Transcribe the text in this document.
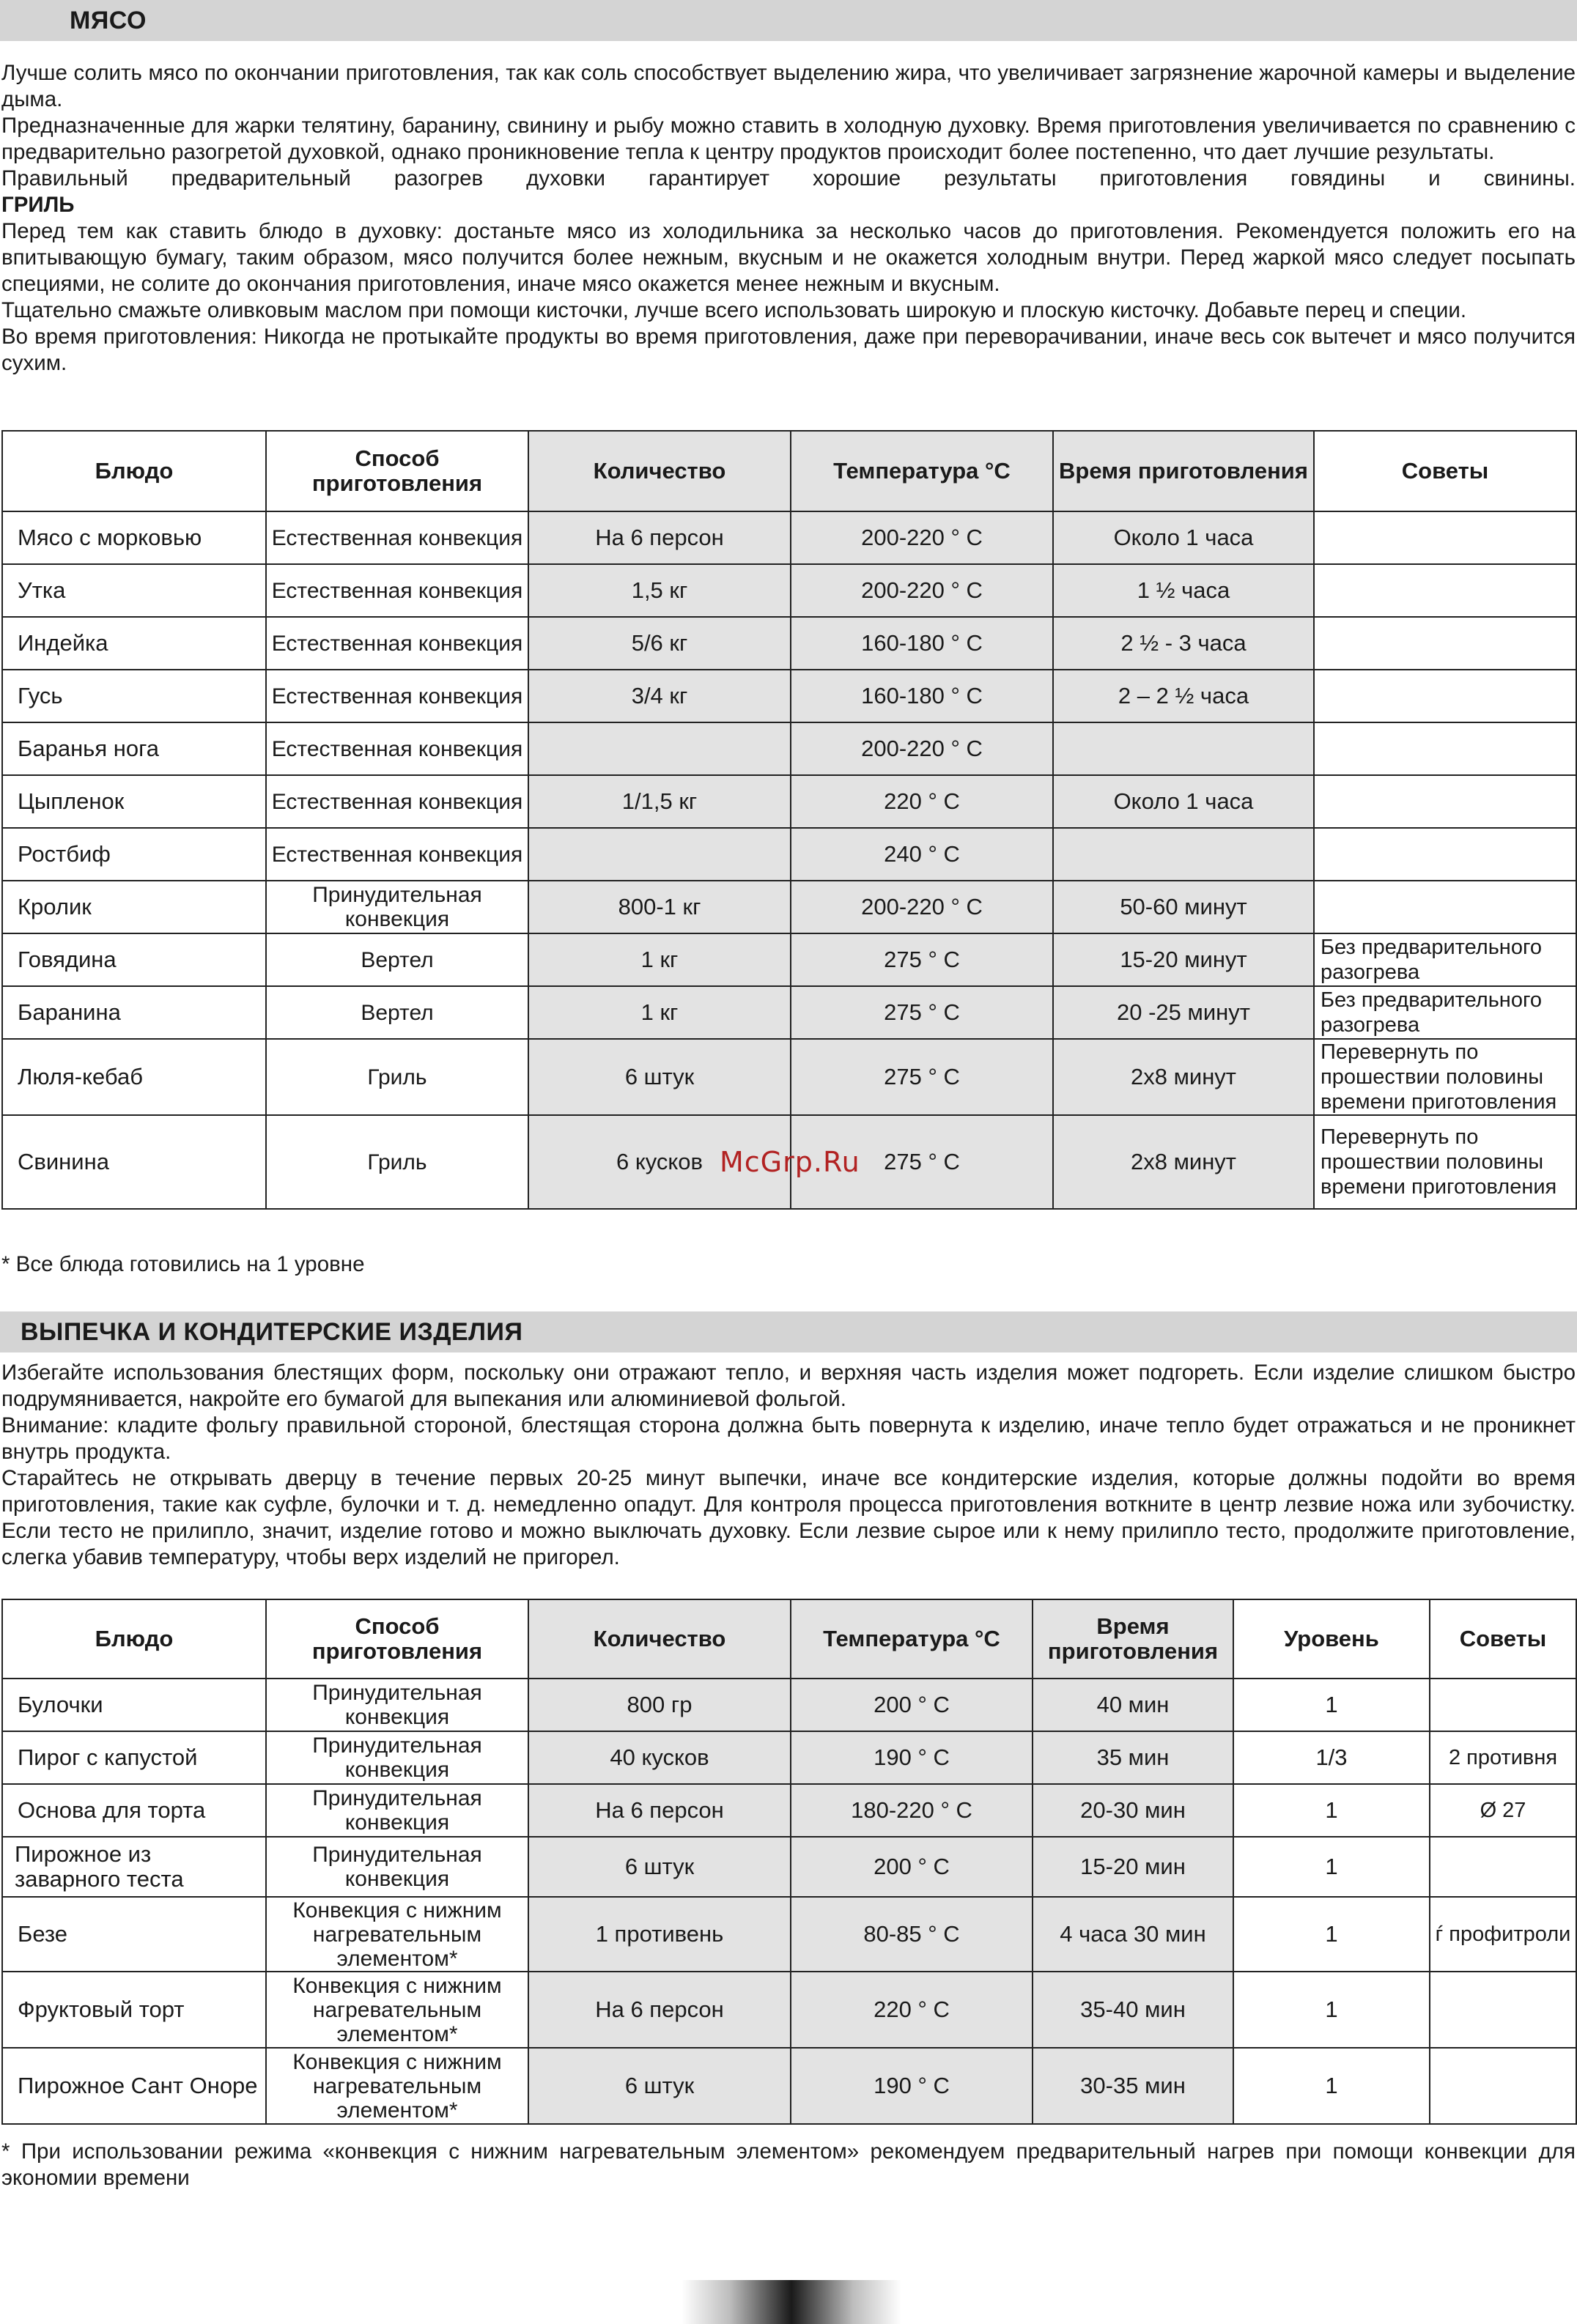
МЯСО

Лучше солить мясо по окончании приготовления, так как соль способствует выделению жира, что увеличивает загрязнение жарочной камеры и выделение дыма.

Предназначенные для жарки телятину, баранину, свинину и рыбу можно ставить в холодную духовку. Время приготовления увеличивается по сравнению с предварительно разогретой духовкой, однако проникновение тепла к центру продуктов происходит более постепенно, что дает лучшие результаты.

Правильный предварительный разогрев духовки гарантирует хорошие результаты приготовления говядины и свинины.

ГРИЛЬ

Перед тем как ставить блюдо в духовку: достаньте мясо из холодильника за несколько часов до приготовления. Рекомендуется положить его на впитывающую бумагу, таким образом, мясо получится более нежным, вкусным и не окажется холодным внутри. Перед жаркой мясо следует посыпать специями, не солите до окончания приготовления, иначе мясо окажется менее нежным и вкусным.

Тщательно смажьте оливковым маслом при помощи кисточки, лучше всего использовать широкую и плоскую кисточку. Добавьте перец и специи.

Во время приготовления: Никогда не протыкайте продукты во время приготовления, даже при переворачивании, иначе весь сок вытечет и мясо получится сухим.

Блюдо	Способ приготовления	Количество	Температура °C	Время приготовления	Советы
Мясо с морковью	Естественная конвекция	На 6 персон	200-220 ° C	Около 1 часа	
Утка	Естественная конвекция	1,5 кг	200-220 ° C	1 ½ часа	
Индейка	Естественная конвекция	5/6 кг	160-180 ° C	2 ½ - 3 часа	
Гусь	Естественная конвекция	3/4 кг	160-180 ° C	2 – 2 ½ часа	
Баранья нога	Естественная конвекция		200-220 ° C		
Цыпленок	Естественная конвекция	1/1,5 кг	220 ° C	Около 1 часа	
Ростбиф	Естественная конвекция		240 ° C		
Кролик	Принудительная конвекция	800-1 кг	200-220 ° C	50-60 минут	
Говядина	Вертел	1 кг	275 ° C	15-20 минут	Без предварительного разогрева
Баранина	Вертел	1 кг	275 ° C	20 -25 минут	Без предварительного разогрева
Люля-кебаб	Гриль	6 штук	275 ° C	2x8 минут	Перевернуть по прошествии половины времени приготовления
Свинина	Гриль	6 кусков	275 ° C	2x8 минут	Перевернуть по прошествии половины времени приготовления
* Все блюда готовились на 1 уровне
ВЫПЕЧКА И КОНДИТЕРСКИЕ ИЗДЕЛИЯ

Избегайте использования блестящих форм, поскольку они отражают тепло, и верхняя часть изделия может подгореть. Если изделие слишком быстро подрумянивается, накройте его бумагой для выпекания или алюминиевой фольгой.

Внимание: кладите фольгу правильной стороной, блестящая сторона должна быть повернута к изделию, иначе тепло будет отражаться и не проникнет внутрь продукта.

Старайтесь не открывать дверцу в течение первых 20-25 минут выпечки, иначе все кондитерские изделия, которые должны подойти во время приготовления, такие как суфле, булочки и т. д. немедленно опадут. Для контроля процесса приготовления воткните в центр лезвие ножа или зубочистку. Если тесто не прилипло, значит, изделие готово и можно выключать духовку. Если лезвие сырое или к нему прилипло тесто, продолжите приготовление, слегка убавив температуру, чтобы верх изделий не пригорел.

Блюдо	Способ приготовления	Количество	Температура °C	Время приготовления	Уровень	Советы
Булочки	Принудительная конвекция	800 гр	200 ° C	40 мин	1	
Пирог с капустой	Принудительная конвекция	40 кусков	190 ° C	35 мин	1/3	2 противня
Основа для торта	Принудительная конвекция	На 6 персон	180-220 ° C	20-30 мин	1	Ø 27
Пирожное из заварного теста	Принудительная конвекция	6 штук	200 ° C	15-20 мин	1	
Безе	Конвекция с нижним нагревательным элементом*	1 противень	80-85 ° C	4 часа 30 мин	1	ѓ профитроли
Фруктовый торт	Конвекция с нижним нагревательным элементом*	На 6 персон	220 ° C	35-40 мин	1	
Пирожное Сант Оноре	Конвекция с нижним нагревательным элементом*	6 штук	190 ° C	30-35 мин	1	
* При использовании режима «конвекция с нижним нагревательным элементом» рекомендуем предварительный нагрев при помощи конвекции для экономии времени
McGrp.Ru
